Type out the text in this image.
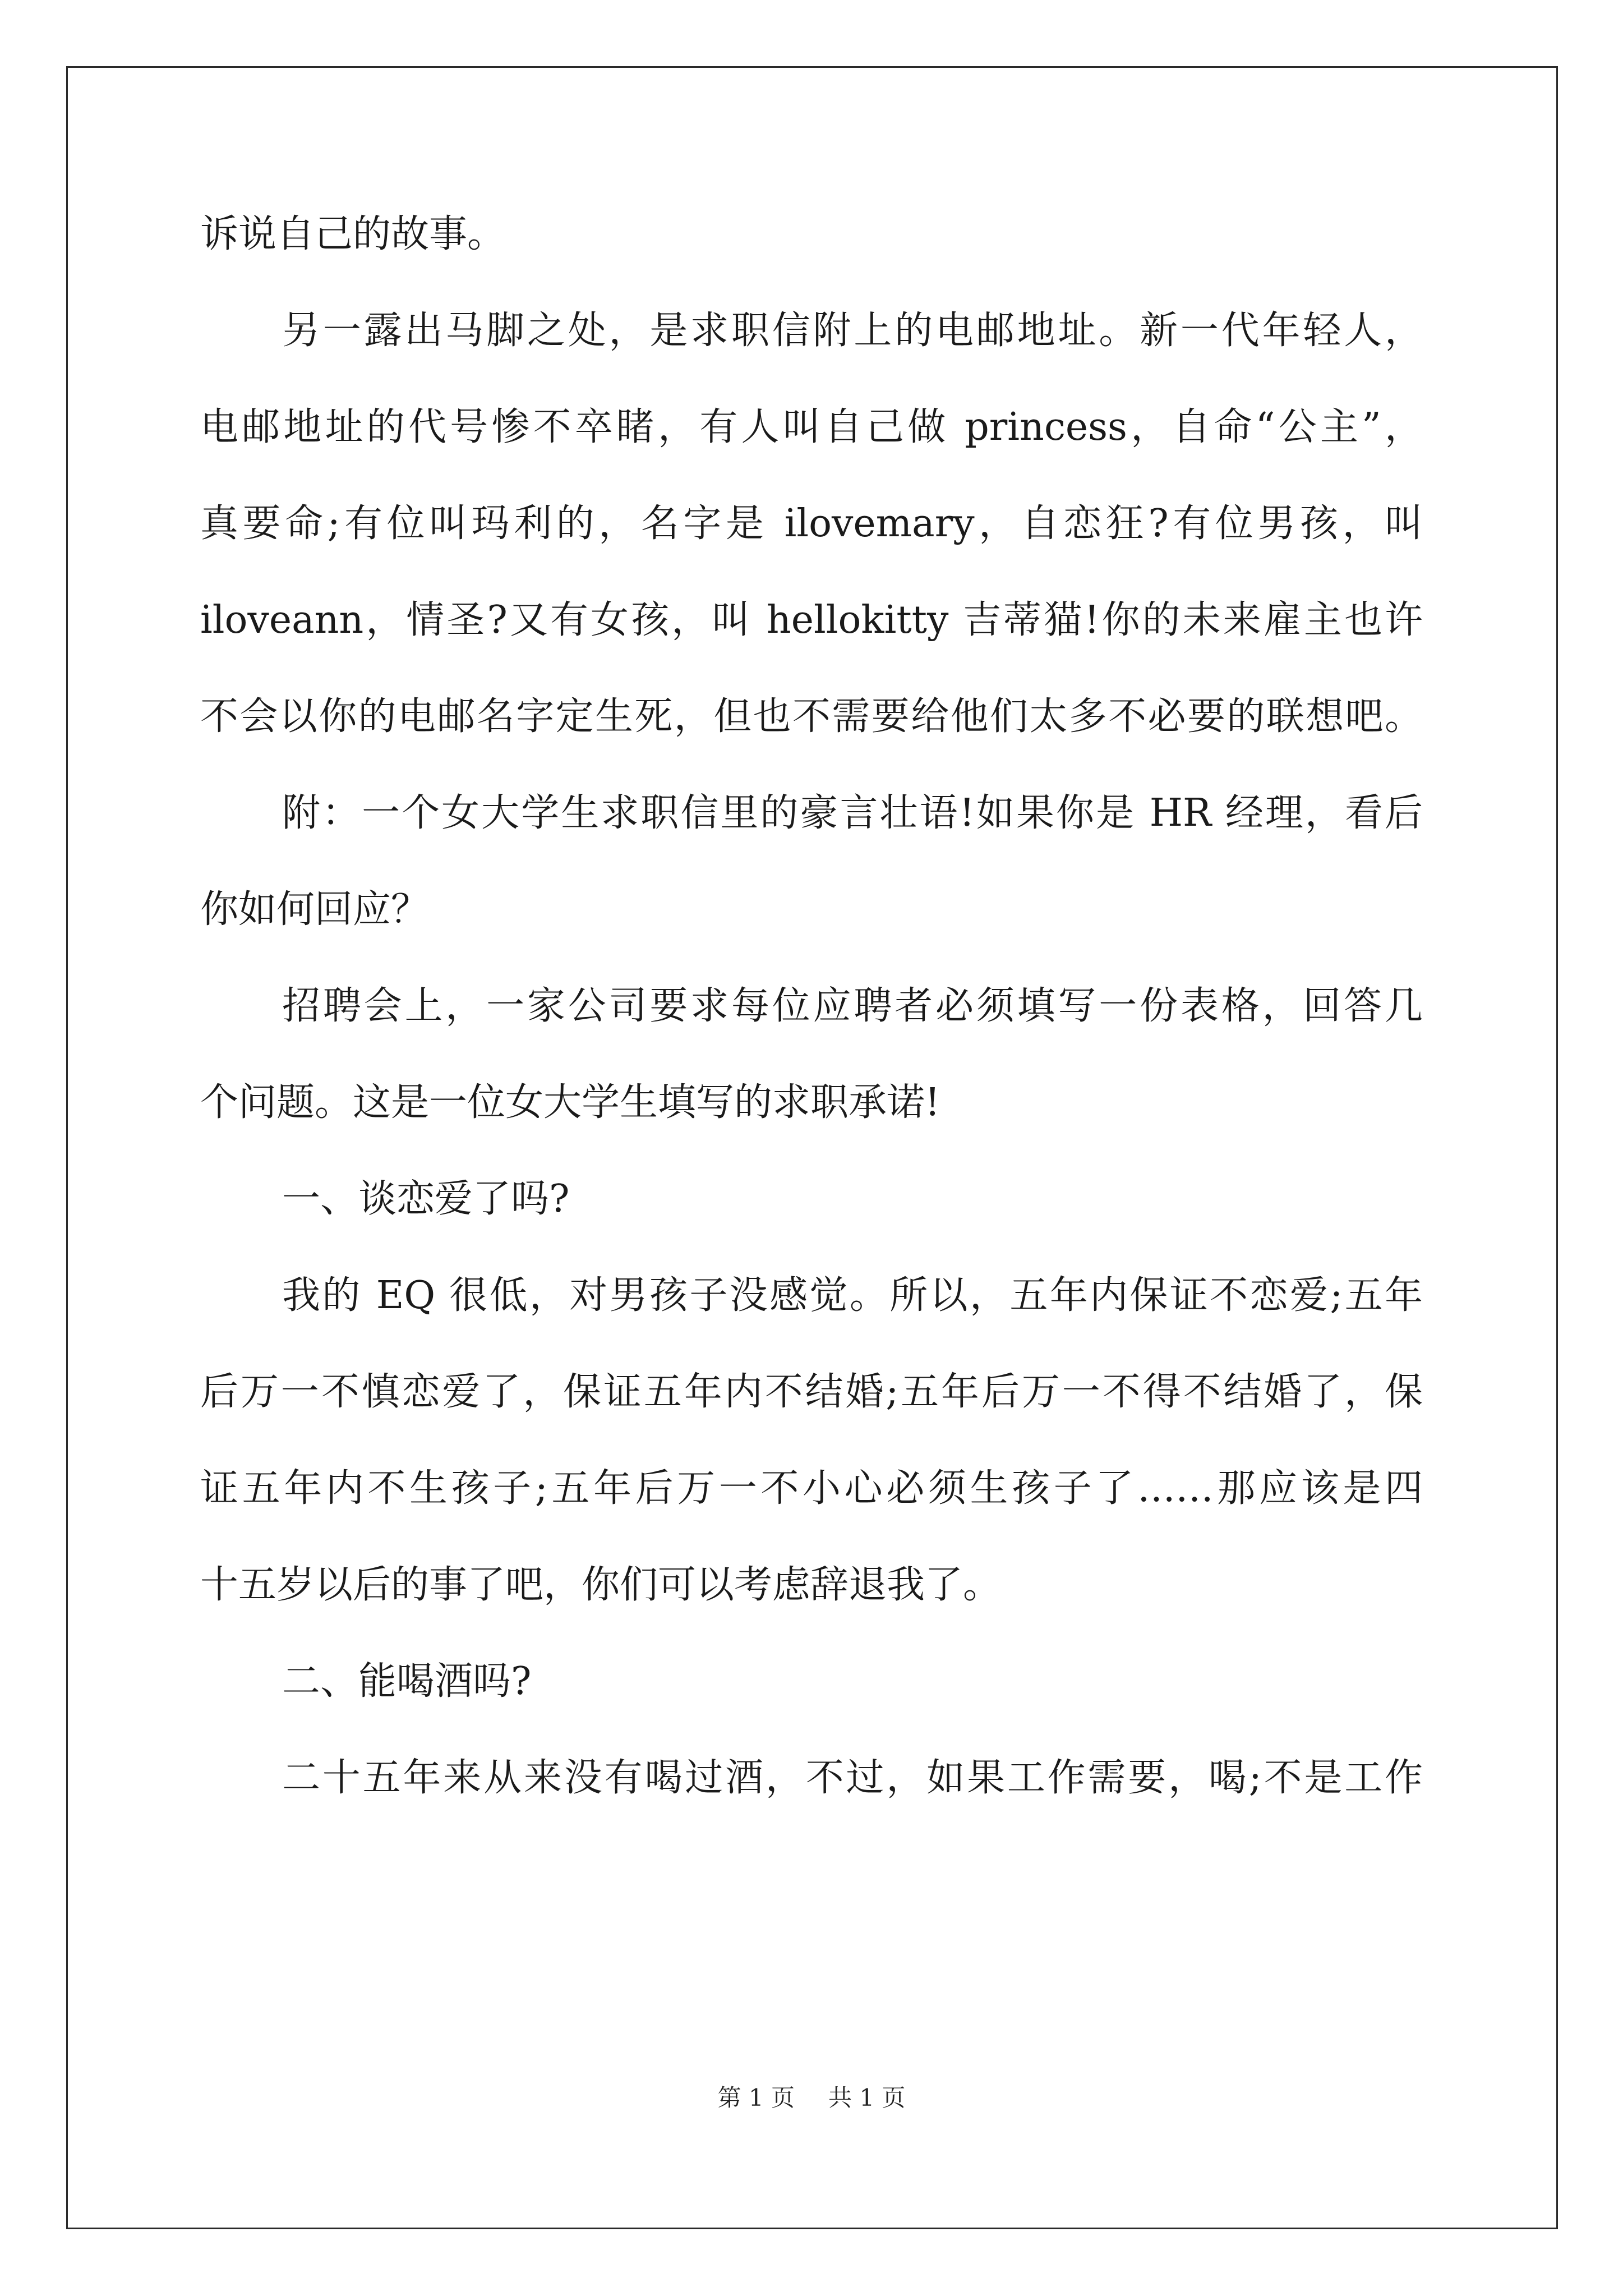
诉说自己的故事。
另一露出马脚之处，是求职信附上的电邮地址。新一代年轻人，
电邮地址的代号惨不卒睹，有人叫自己做 princess，自命“公主”，
真要命;有位叫玛利的，名字是 ilovemary，自恋狂?有位男孩，叫
iloveann，情圣?又有女孩，叫 hellokitty 吉蒂猫!你的未来雇主也许
不会以你的电邮名字定生死，但也不需要给他们太多不必要的联想吧。
附：一个女大学生求职信里的豪言壮语!如果你是 HR 经理，看后
你如何回应？
招聘会上，一家公司要求每位应聘者必须填写一份表格，回答几
个问题。这是一位女大学生填写的求职承诺!
一、谈恋爱了吗?
我的 EQ 很低，对男孩子没感觉。所以，五年内保证不恋爱;五年
后万一不慎恋爱了，保证五年内不结婚;五年后万一不得不结婚了，保
证五年内不生孩子;五年后万一不小心必须生孩子了……那应该是四
十五岁以后的事了吧，你们可以考虑辞退我了。
二、能喝酒吗?
二十五年来从来没有喝过酒，不过，如果工作需要，喝;不是工作
第 1 页 共 1 页
